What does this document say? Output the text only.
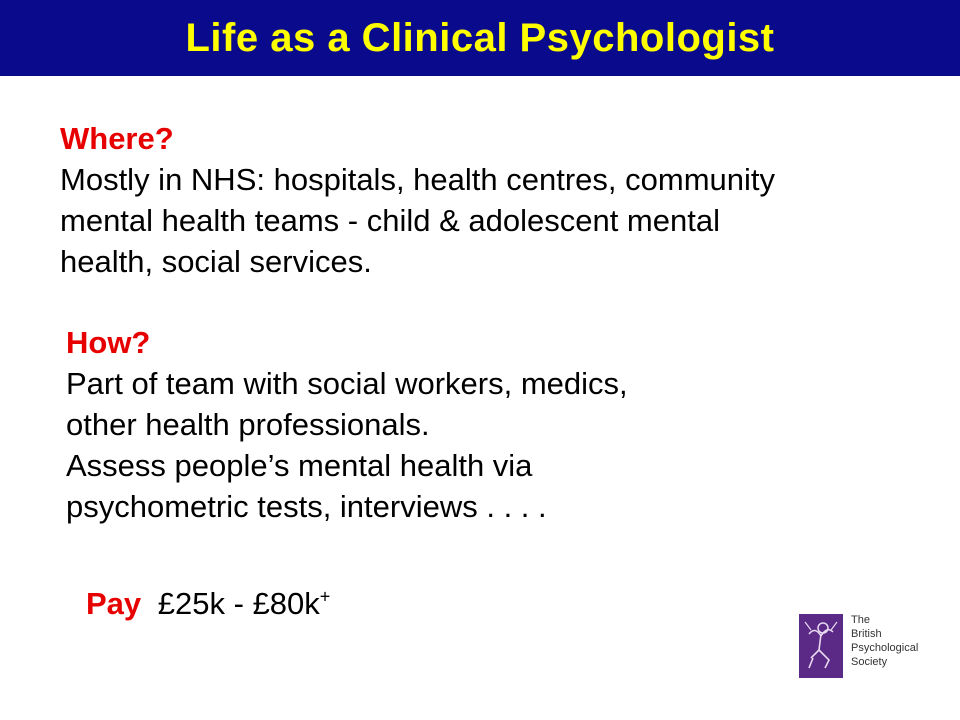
Life as a Clinical Psychologist
Where?
Mostly in NHS: hospitals, health centres, community
mental health teams - child & adolescent mental
health, social services.
How?
Part of team with social workers, medics,
other health professionals.
Assess people’s mental health via
psychometric tests, interviews . . . .
Pay £25k - £80k+
The
British
Psychological
Society
